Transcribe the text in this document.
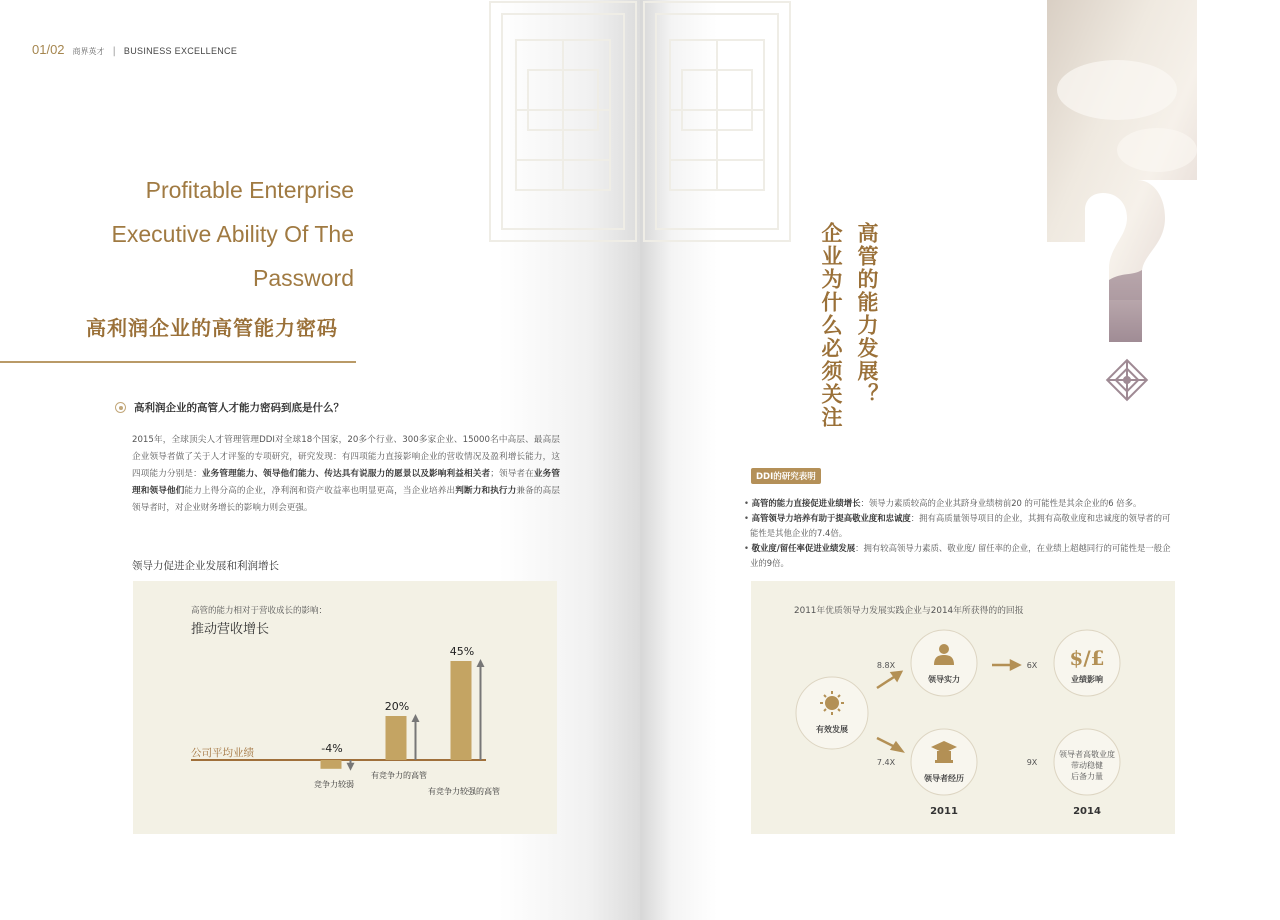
01/02 商界英才 | BUSINESS EXCELLENCE
Profitable Enterprise
Executive Ability Of The
Password
高利润企业的高管能力密码
高利润企业的高管人才能力密码到底是什么？
2015年，全球顶尖人才管理管理DDI对全球18个国家，20多个行业、300多家企业、15000名中高层、最高层企业领导者做了关于人才评鉴的专项研究，研究发现：有四项能力直接影响企业的营收情况及盈利增长能力，这四项能力分别是：业务管理能力、领导他们能力、传达具有说服力的愿景以及影响利益相关者；领导者在业务管理和领导他们能力上得分高的企业，净利润和资产收益率也明显更高，当企业培养出判断力和执行力兼备的高层领导者时，对企业财务增长的影响力则会更强。
领导力促进企业发展和利润增长
高管的能力相对于营收成长的影响：
推动营收增长
公司平均业绩	-4%
竞争力较弱
20%
有竞争力的高管
45%
有竞争力较强的高管
高管的能力发展？
企业为什么必须关注
DDI的研究表明

• 高管的能力直接促进业绩增长：领导力素质较高的企业其跻身业绩榜前20 的可能性是其余企业的6 倍多。

• 高管领导力培养有助于提高敬业度和忠诚度：拥有高质量领导项目的企业，其拥有高敬业度和忠诚度的领导者的可能性是其他企业的7.4倍。

• 敬业度/留任率促进业绩发展：拥有较高领导力素质、敬业度/ 留任率的企业，在业绩上超越同行的可能性是一般企业的9倍。

2011年优质领导力发展实践企业与2014年所获得的的回报
$/£
有效发展
领导实力
领导者经历
业绩影响
领导者高敬业度
带动稳健
后备力量
8.8X
7.4X
6X
9X
2011	2014
